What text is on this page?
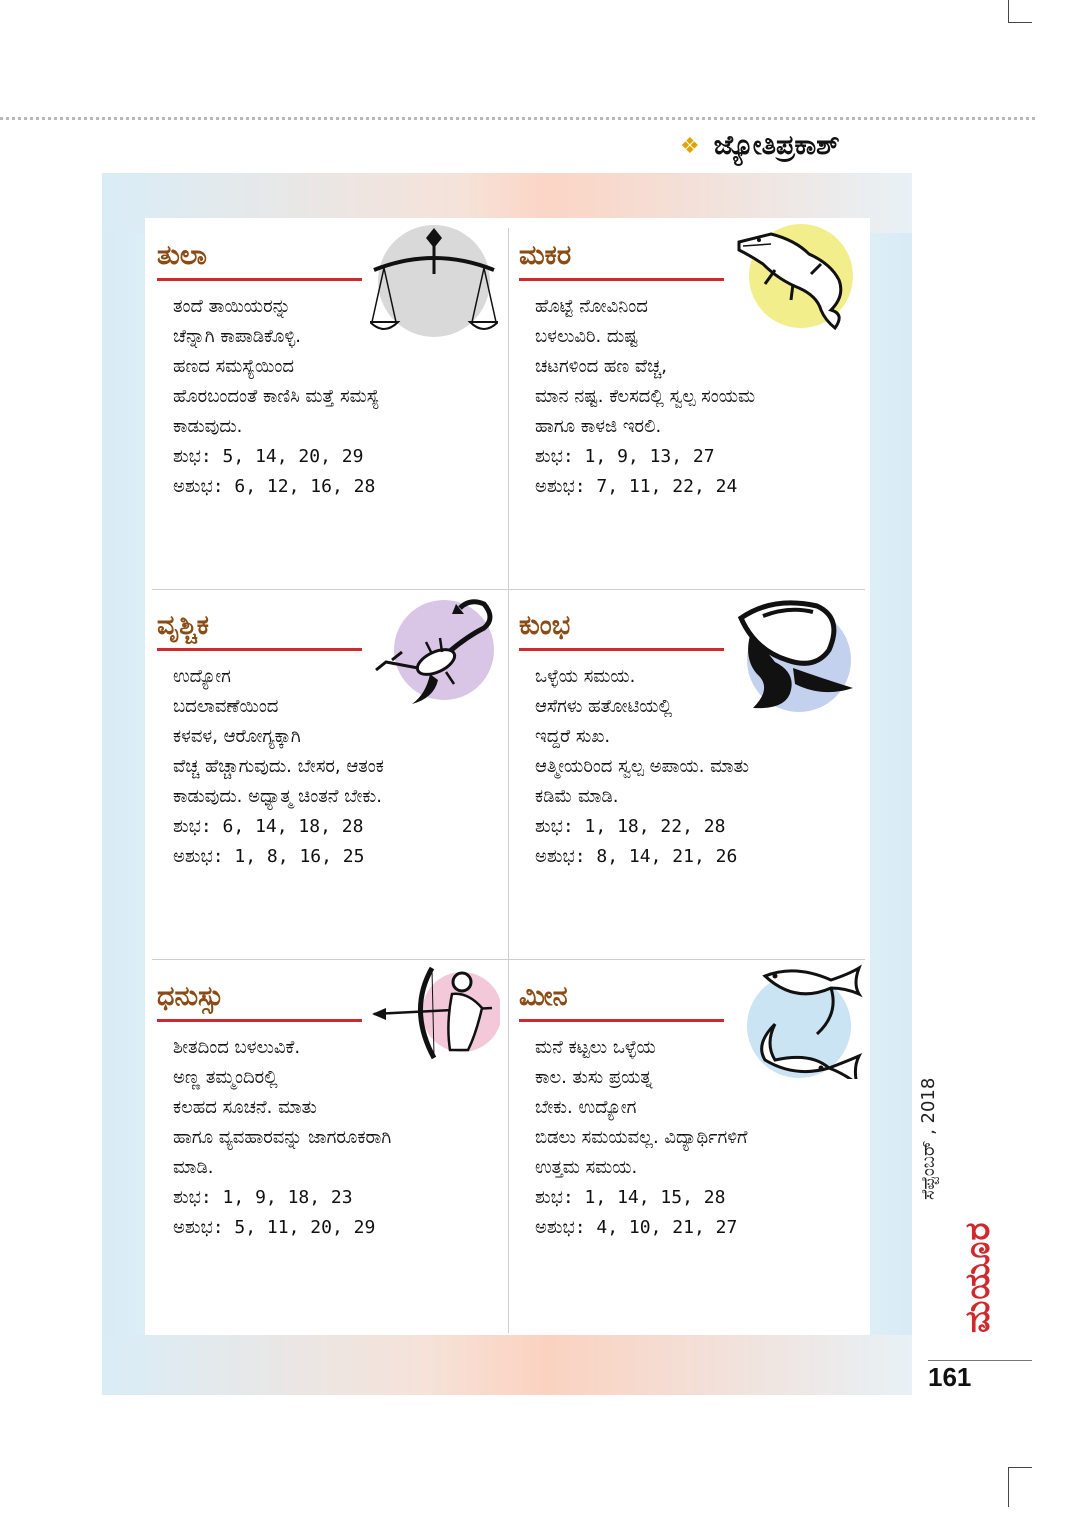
❖ ಜ್ಯೋತಿಪ್ರಕಾಶ್
ತುಲಾ
ತಂದೆ ತಾಯಿಯರನ್ನು
ಚೆನ್ನಾಗಿ ಕಾಪಾಡಿಕೊಳ್ಳಿ.
ಹಣದ ಸಮಸ್ಯೆಯಿಂದ
ಹೊರಬಂದಂತೆ ಕಾಣಿಸಿ ಮತ್ತೆ ಸಮಸ್ಯೆ
ಕಾಡುವುದು.
ಶುಭ: 5, 14, 20, 29
ಅಶುಭ: 6, 12, 16, 28
ಮಕರ
ಹೊಟ್ಟೆ ನೋವಿನಿಂದ
ಬಳಲುವಿರಿ. ದುಷ್ಟ
ಚಟಗಳಿಂದ ಹಣ ವೆಚ್ಚ,
ಮಾನ ನಷ್ಟ. ಕೆಲಸದಲ್ಲಿ ಸ್ವಲ್ಪ ಸಂಯಮ
ಹಾಗೂ ಕಾಳಜಿ ಇರಲಿ.
ಶುಭ: 1, 9, 13, 27
ಅಶುಭ: 7, 11, 22, 24
ವೃಶ್ಚಿಕ
ಉದ್ಯೋಗ
ಬದಲಾವಣೆಯಿಂದ
ಕಳವಳ, ಆರೋಗ್ಯಕ್ಕಾಗಿ
ವೆಚ್ಚ ಹೆಚ್ಚಾಗುವುದು. ಬೇಸರ, ಆತಂಕ
ಕಾಡುವುದು. ಅಧ್ಯಾತ್ಮ ಚಿಂತನೆ ಬೇಕು.
ಶುಭ: 6, 14, 18, 28
ಅಶುಭ: 1, 8, 16, 25
ಕುಂಭ
ಒಳ್ಳೆಯ ಸಮಯ.
ಆಸೆಗಳು ಹತೋಟಿಯಲ್ಲಿ
ಇದ್ದರೆ ಸುಖ.
ಆತ್ಮೀಯರಿಂದ ಸ್ವಲ್ಪ ಅಪಾಯ. ಮಾತು
ಕಡಿಮೆ ಮಾಡಿ.
ಶುಭ: 1, 18, 22, 28
ಅಶುಭ: 8, 14, 21, 26
ಧನುಸ್ಸು
ಶೀತದಿಂದ ಬಳಲುವಿಕೆ.
ಅಣ್ಣ ತಮ್ಮಂದಿರಲ್ಲಿ
ಕಲಹದ ಸೂಚನೆ. ಮಾತು
ಹಾಗೂ ವ್ಯವಹಾರವನ್ನು ಜಾಗರೂಕರಾಗಿ
ಮಾಡಿ.
ಶುಭ: 1, 9, 18, 23
ಅಶುಭ: 5, 11, 20, 29
ಮೀನ
ಮನೆ ಕಟ್ಟಲು ಒಳ್ಳೆಯ
ಕಾಲ. ತುಸು ಪ್ರಯತ್ನ
ಬೇಕು. ಉದ್ಯೋಗ
ಬಿಡಲು ಸಮಯವಲ್ಲ. ವಿದ್ಯಾರ್ಥಿಗಳಿಗೆ
ಉತ್ತಮ ಸಮಯ.
ಶುಭ: 1, 14, 15, 28
ಅಶುಭ: 4, 10, 21, 27
ಸೆಪ್ಟೆಂಬರ್ , 2018
ಮಯೂರ
161
